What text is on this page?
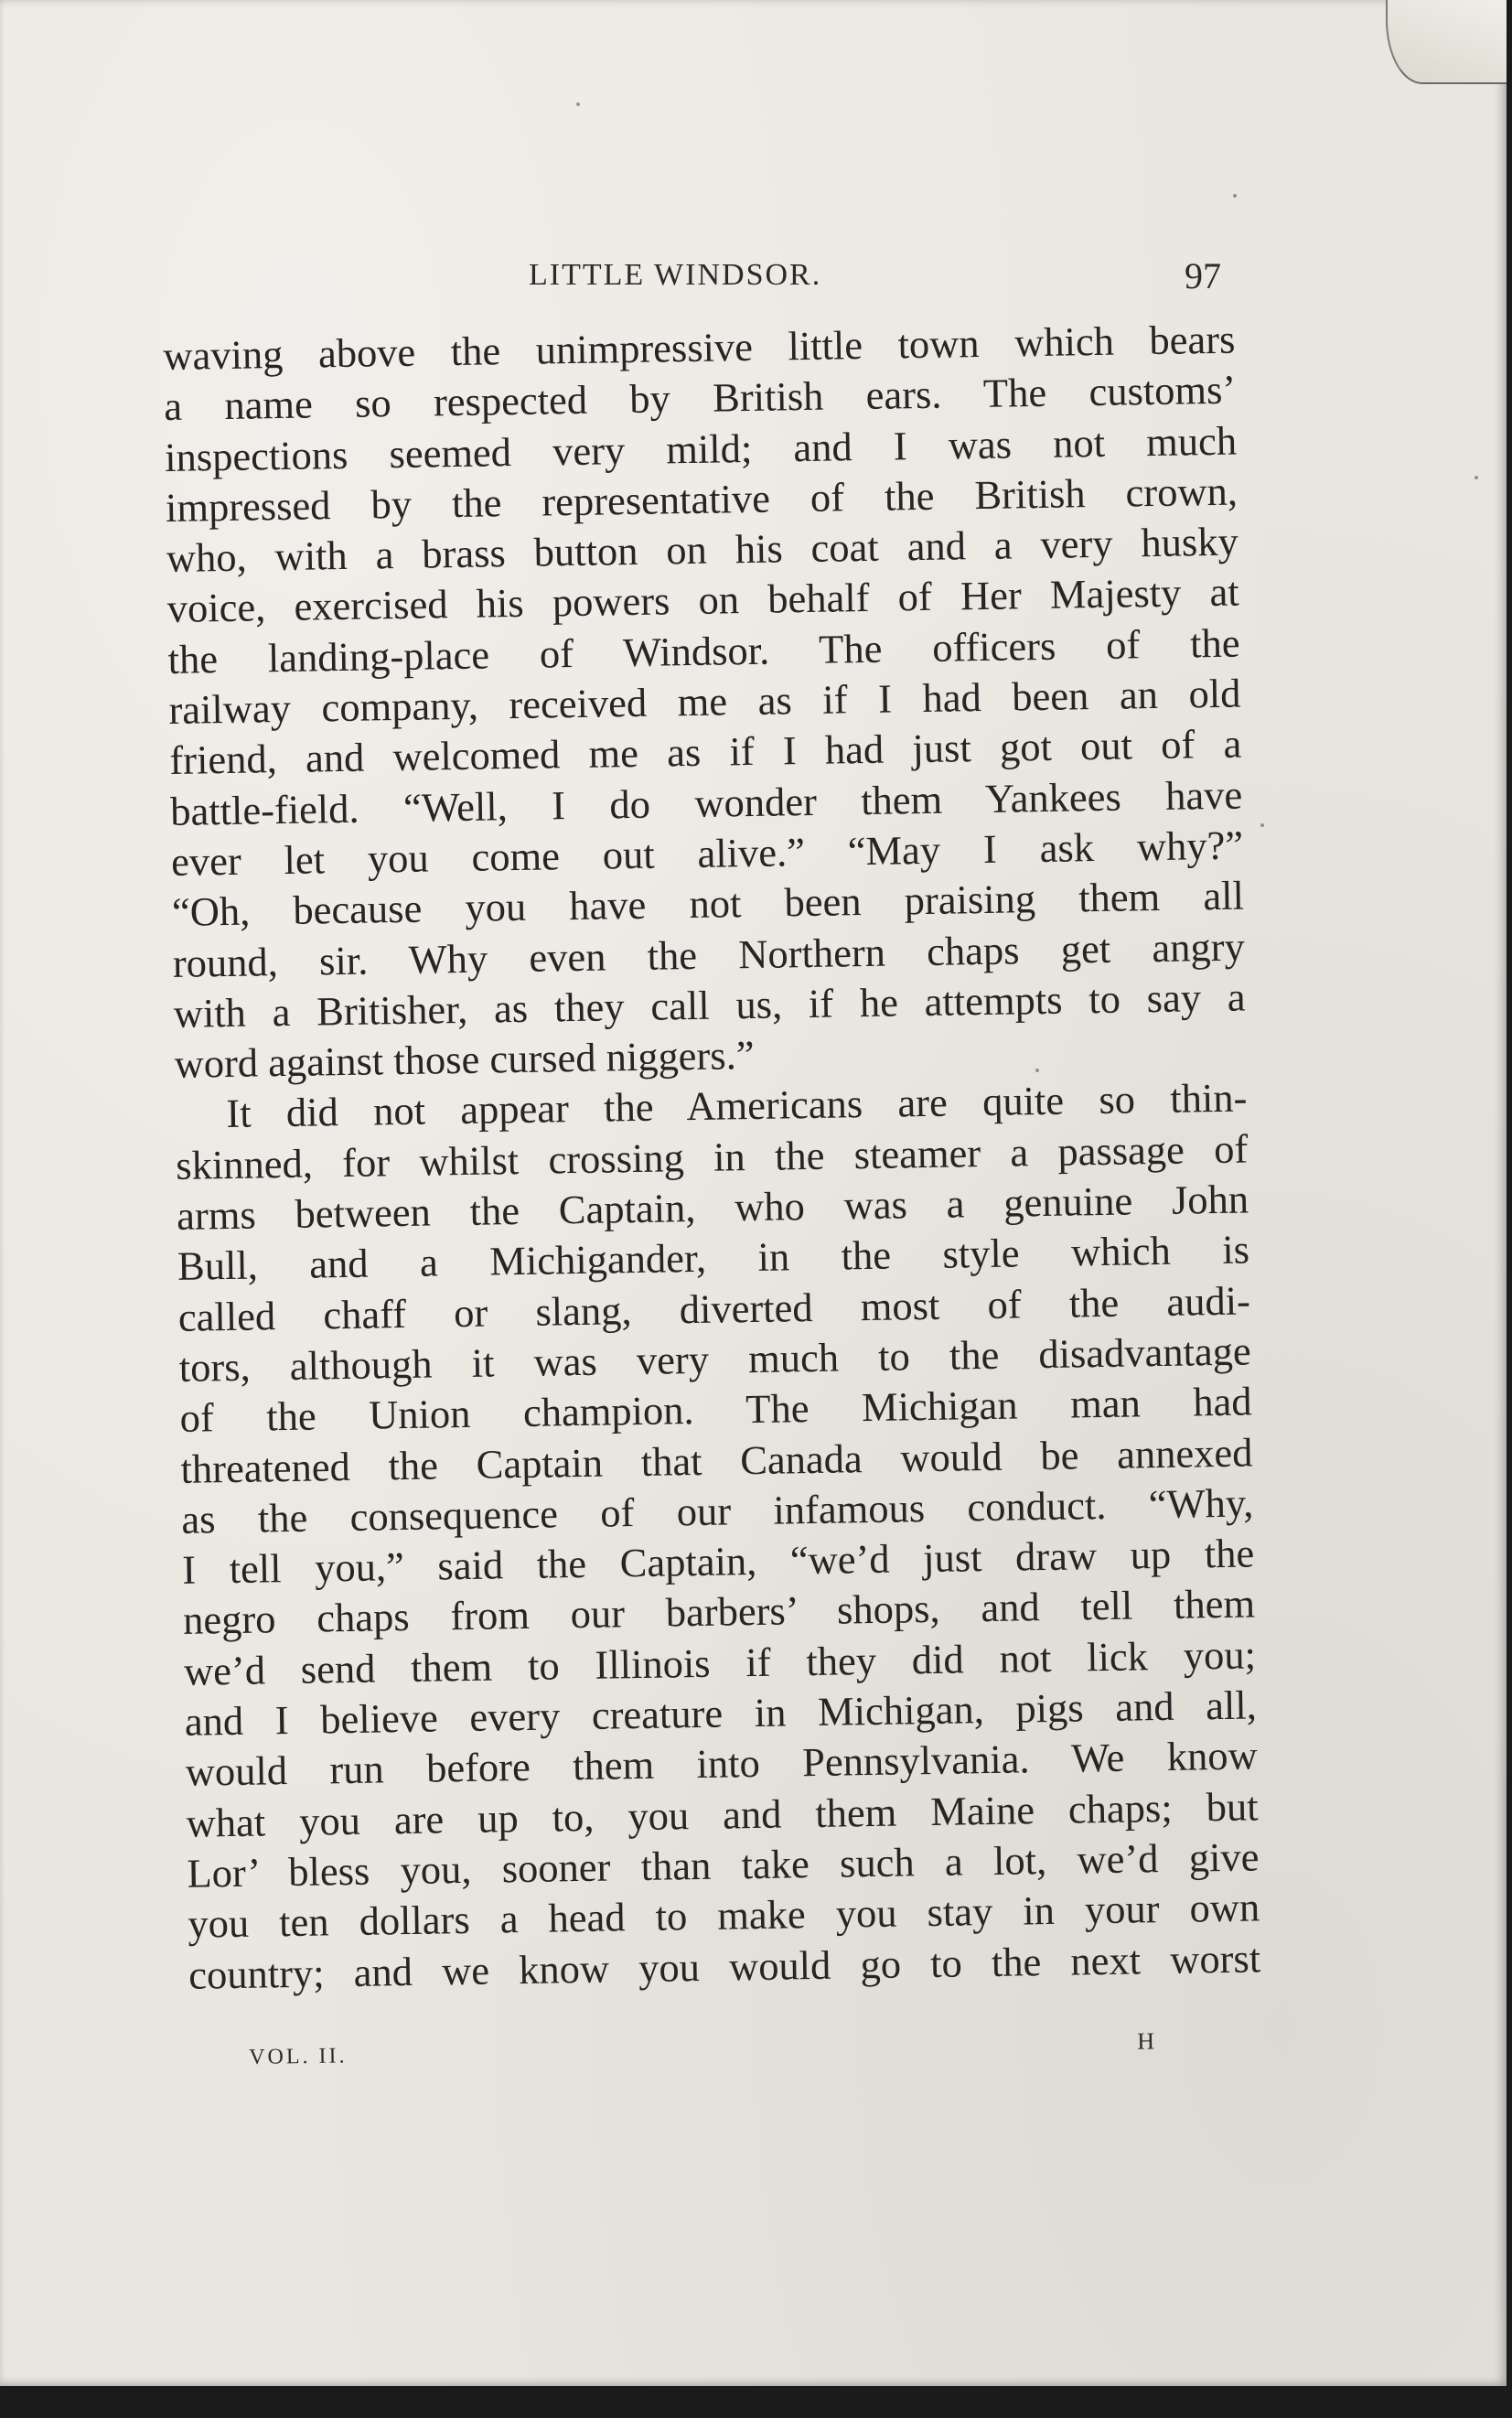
LITTLE WINDSOR.	97
waving above the unimpressive little town which bears
a name so respected by British ears. The customs’
inspections seemed very mild; and I was not much
impressed by the representative of the British crown,
who, with a brass button on his coat and a very husky
voice, exercised his powers on behalf of Her Majesty at
the landing-place of Windsor. The officers of the
railway company, received me as if I had been an old
friend, and welcomed me as if I had just got out of a
battle-field. “Well, I do wonder them Yankees have
ever let you come out alive.” “May I ask why?”
“Oh, because you have not been praising them all
round, sir. Why even the Northern chaps get angry
with a Britisher, as they call us, if he attempts to say a
word against those cursed niggers.”
It did not appear the Americans are quite so thin-
skinned, for whilst crossing in the steamer a passage of
arms between the Captain, who was a genuine John
Bull, and a Michigander, in the style which is
called chaff or slang, diverted most of the audi-
tors, although it was very much to the disadvantage
of the Union champion. The Michigan man had
threatened the Captain that Canada would be annexed
as the consequence of our infamous conduct. “Why,
I tell you,” said the Captain, “we’d just draw up the
negro chaps from our barbers’ shops, and tell them
we’d send them to Illinois if they did not lick you;
and I believe every creature in Michigan, pigs and all,
would run before them into Pennsylvania. We know
what you are up to, you and them Maine chaps; but
Lor’ bless you, sooner than take such a lot, we’d give
you ten dollars a head to make you stay in your own
country; and we know you would go to the next worst
VOL. II.
H
